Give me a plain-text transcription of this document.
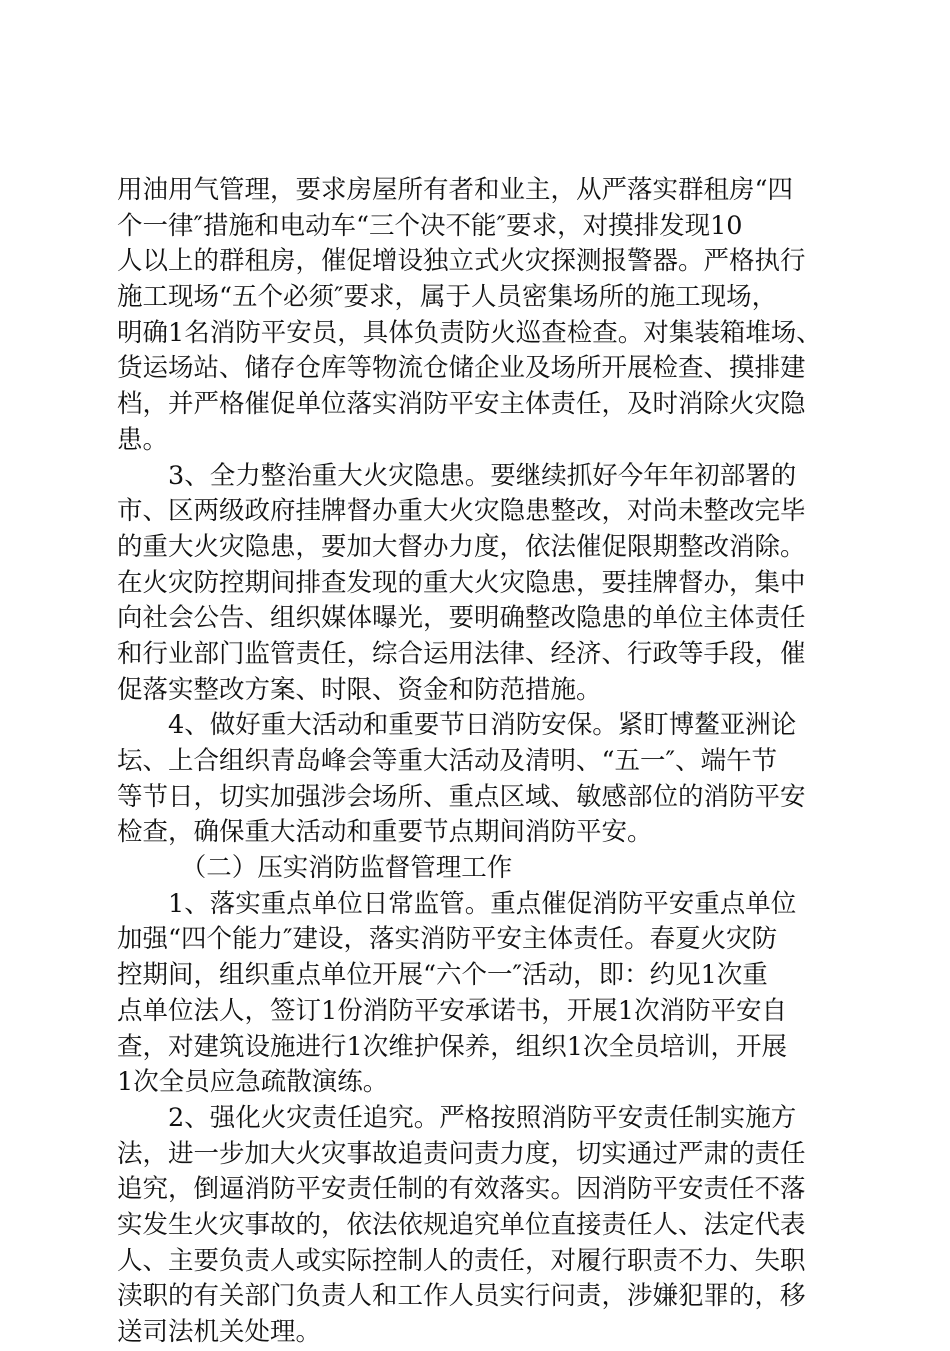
用油用气管理，要求房屋所有者和业主，从严落实群租房“四
个一律″措施和电动车“三个决不能″要求，对摸排发现10
人以上的群租房，催促增设独立式火灾探测报警器。严格执行
施工现场“五个必须″要求，属于人员密集场所的施工现场，
明确1名消防平安员，具体负责防火巡查检查。对集装箱堆场、
货运场站、储存仓库等物流仓储企业及场所开展检查、摸排建
档，并严格催促单位落实消防平安主体责任，及时消除火灾隐
患。
　　3、全力整治重大火灾隐患。要继续抓好今年年初部署的
市、区两级政府挂牌督办重大火灾隐患整改，对尚未整改完毕
的重大火灾隐患，要加大督办力度，依法催促限期整改消除。
在火灾防控期间排查发现的重大火灾隐患，要挂牌督办，集中
向社会公告、组织媒体曝光，要明确整改隐患的单位主体责任
和行业部门监管责任，综合运用法律、经济、行政等手段，催
促落实整改方案、时限、资金和防范措施。
　　4、做好重大活动和重要节日消防安保。紧盯博鳌亚洲论
坛、上合组织青岛峰会等重大活动及清明、“五一″、端午节
等节日，切实加强涉会场所、重点区域、敏感部位的消防平安
检查，确保重大活动和重要节点期间消防平安。
　　　（二）压实消防监督管理工作
　　1、落实重点单位日常监管。重点催促消防平安重点单位
加强“四个能力″建设，落实消防平安主体责任。春夏火灾防
控期间，组织重点单位开展“六个一″活动，即：约见1次重
点单位法人，签订1份消防平安承诺书，开展1次消防平安自
查，对建筑设施进行1次维护保养，组织1次全员培训，开展
1次全员应急疏散演练。
　　2、强化火灾责任追究。严格按照消防平安责任制实施方
法，进一步加大火灾事故追责问责力度，切实通过严肃的责任
追究，倒逼消防平安责任制的有效落实。因消防平安责任不落
实发生火灾事故的，依法依规追究单位直接责任人、法定代表
人、主要负责人或实际控制人的责任，对履行职责不力、失职
渎职的有关部门负责人和工作人员实行问责，涉嫌犯罪的，移
送司法机关处理。
